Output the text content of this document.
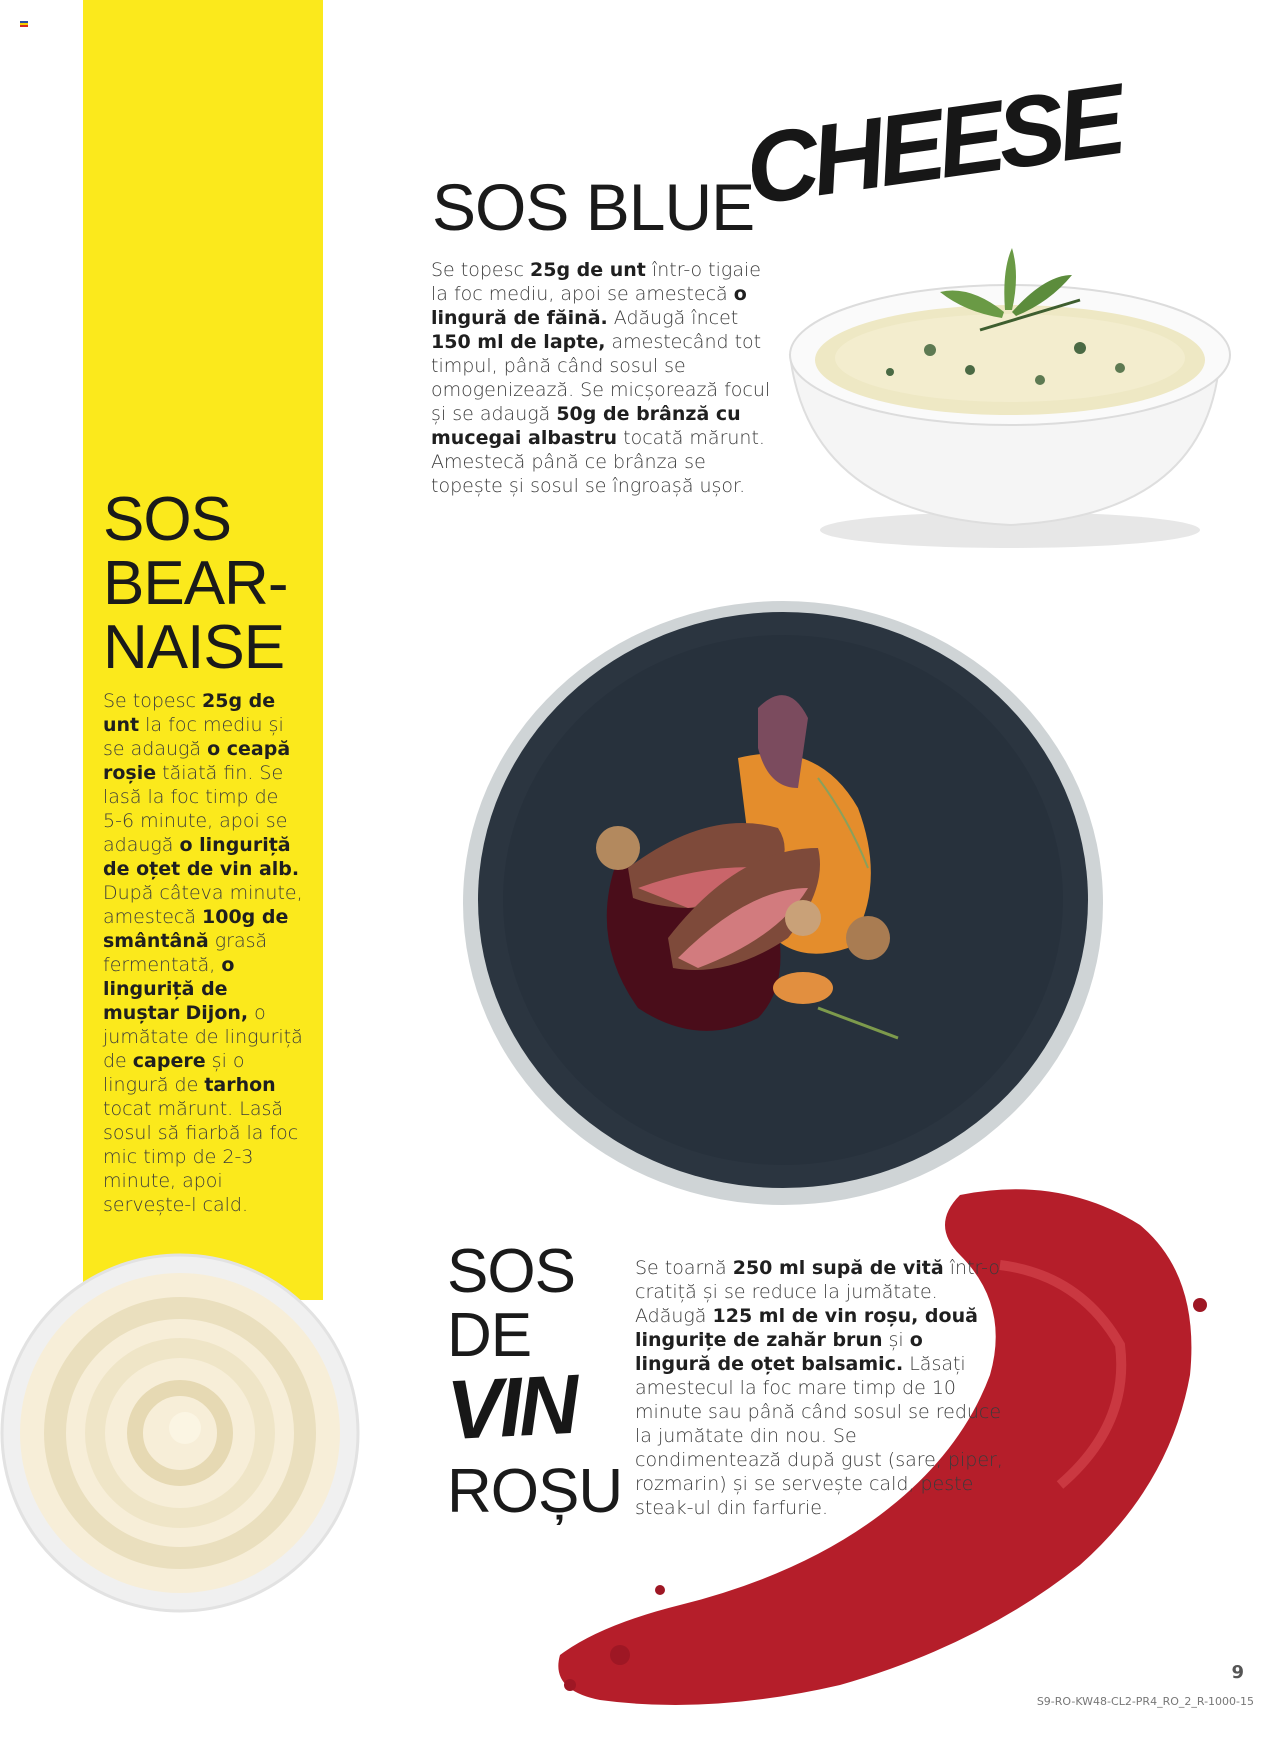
SOS BLUE
CHEESE

Se topesc 25g de unt într-o tigaie la foc mediu, apoi se amestecă o lingură de făină. Adăugă încet 150 ml de lapte, amestecând tot timpul, până când sosul se omogenizează. Se micșorează focul și se adaugă 50g de brânză cu mucegai albastru tocată mărunt. Amestecă până ce brânza se topește și sosul se îngroașă ușor.

SOS
BEAR-
NAISE

Se topesc 25g de unt la foc mediu și se adaugă o ceapă roșie tăiată fin. Se lasă la foc timp de 5-6 minute, apoi se adaugă o linguriță de oțet de vin alb. După câteva minute, amestecă 100g de smântână grasă fermentată, o linguriță de muștar Dijon, o jumătate de linguriță de capere și o lingură de tarhon tocat mărunt. Lasă sosul să fiarbă la foc mic timp de 2-3 minute, apoi servește-l cald.

SOS
DE
VIN
ROȘU

Se toarnă 250 ml supă de vită într-o cratiță și se reduce la jumătate. Adăugă 125 ml de vin roșu, două lingurițe de zahăr brun și o lingură de oțet balsamic. Lăsați amestecul la foc mare timp de 10 minute sau până când sosul se reduce la jumătate din nou. Se condimentează după gust (sare, piper, rozmarin) și se servește cald, peste steak-ul din farfurie.

9
S9-RO-KW48-CL2-PR4_RO_2_R-1000-15
